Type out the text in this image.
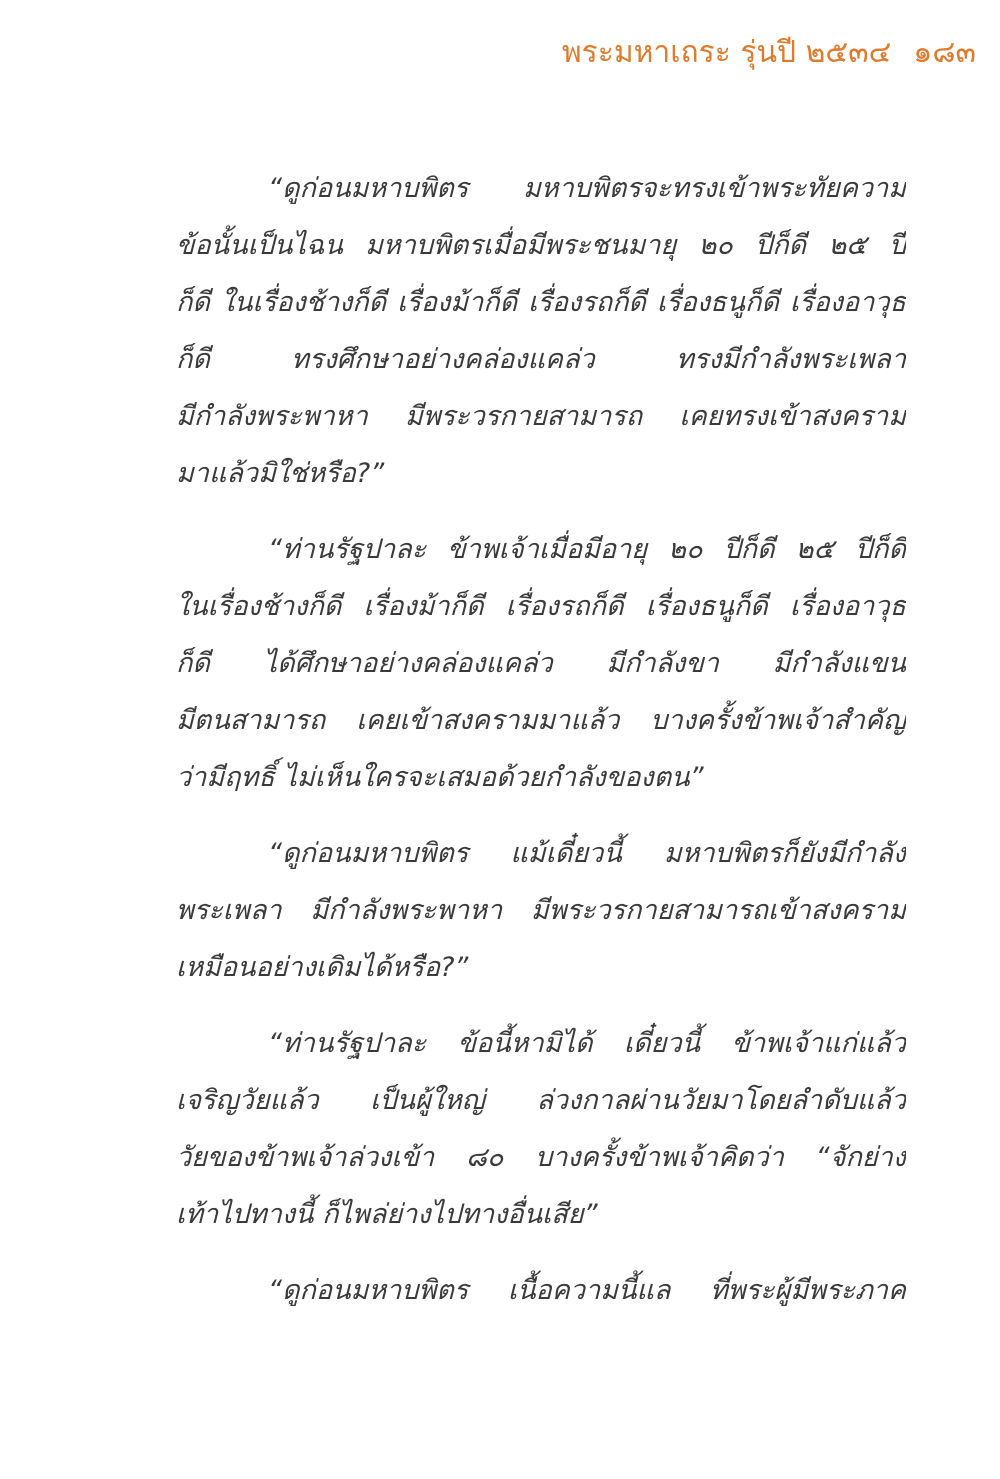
พระมหาเถระ รุ่นปี ๒๕๓๔ ๑๘๓

“ดูก่อนมหาบพิตร มหาบพิตรจะทรงเข้าพระทัยความ
ข้อนั้นเป็นไฉน มหาบพิตรเมื่อมีพระชนมายุ ๒๐ ปีก็ดี ๒๕ ปี
ก็ดี ในเรื่องช้างก็ดี เรื่องม้าก็ดี เรื่องรถก็ดี เรื่องธนูก็ดี เรื่องอาวุธ
ก็ดี ทรงศึกษาอย่างคล่องแคล่ว ทรงมีกำลังพระเพลา
มีกำลังพระพาหา มีพระวรกายสามารถ เคยทรงเข้าสงคราม
มาแล้วมิใช่หรือ?”

“ท่านรัฐปาละ ข้าพเจ้าเมื่อมีอายุ ๒๐ ปีก็ดี ๒๕ ปีก็ดี
ในเรื่องช้างก็ดี เรื่องม้าก็ดี เรื่องรถก็ดี เรื่องธนูก็ดี เรื่องอาวุธ
ก็ดี ได้ศึกษาอย่างคล่องแคล่ว มีกำลังขา มีกำลังแขน
มีตนสามารถ เคยเข้าสงครามมาแล้ว บางครั้งข้าพเจ้าสำคัญ
ว่ามีฤทธิ์ ไม่เห็นใครจะเสมอด้วยกำลังของตน”

“ดูก่อนมหาบพิตร แม้เดี๋ยวนี้ มหาบพิตรก็ยังมีกำลัง
พระเพลา มีกำลังพระพาหา มีพระวรกายสามารถเข้าสงคราม
เหมือนอย่างเดิมได้หรือ?”

“ท่านรัฐปาละ ข้อนี้หามิได้ เดี๋ยวนี้ ข้าพเจ้าแก่แล้ว
เจริญวัยแล้ว เป็นผู้ใหญ่ ล่วงกาลผ่านวัยมาโดยลำดับแล้ว
วัยของข้าพเจ้าล่วงเข้า ๘๐ บางครั้งข้าพเจ้าคิดว่า “จักย่าง
เท้าไปทางนี้ ก็ไพล่ย่างไปทางอื่นเสีย”

“ดูก่อนมหาบพิตร เนื้อความนี้แล ที่พระผู้มีพระภาค
